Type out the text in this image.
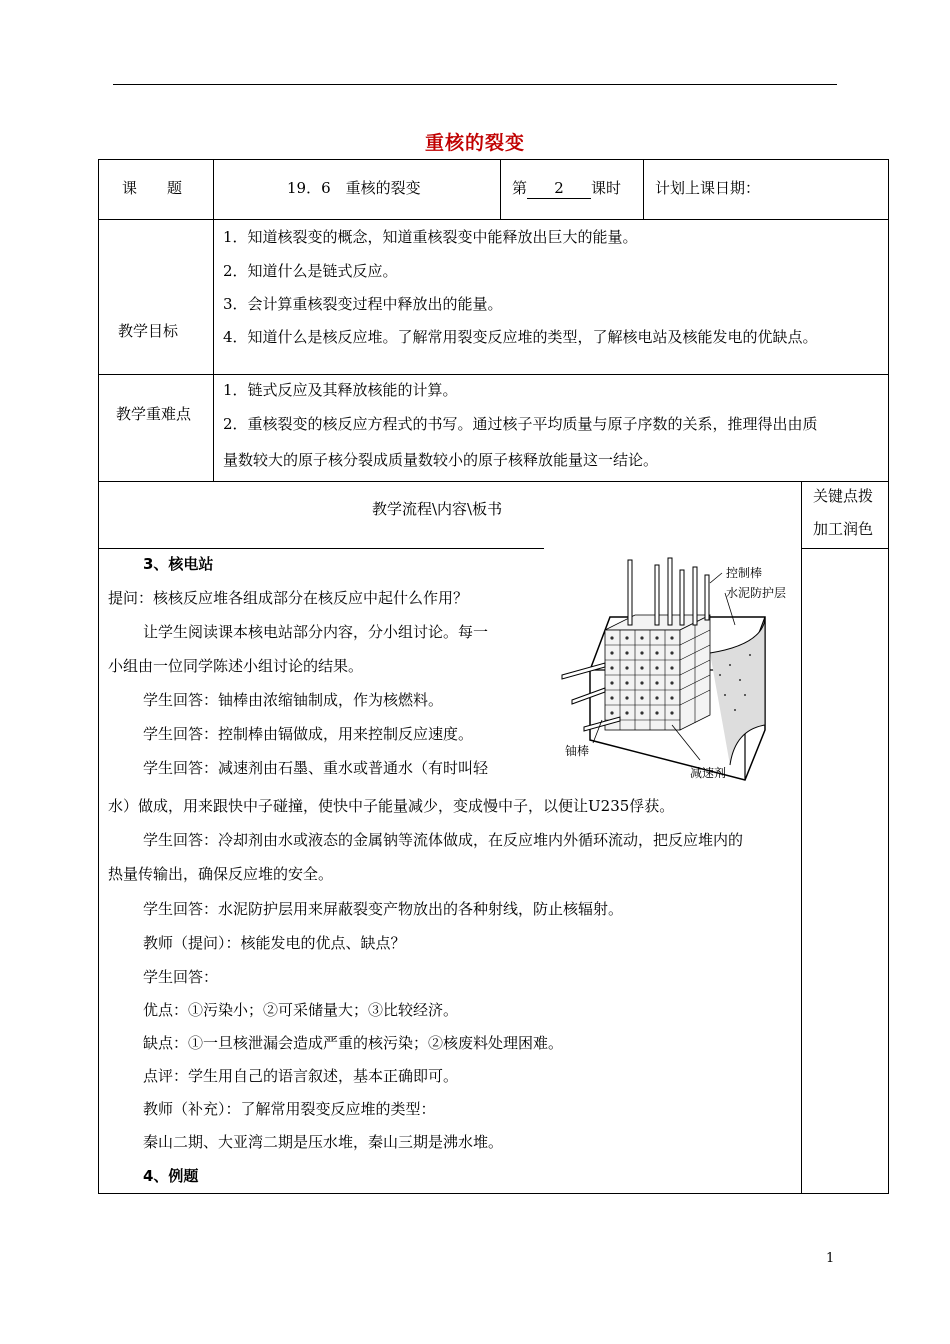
重核的裂变
课　　题	19．6　重核的裂变	第 2 课时 计划上课日期：
教学目标
1．知道核裂变的概念，知道重核裂变中能释放出巨大的能量。
2．知道什么是链式反应。
3．会计算重核裂变过程中释放出的能量。
4．知道什么是核反应堆。了解常用裂变反应堆的类型，了解核电站及核能发电的优缺点。
教学重难点
1．链式反应及其释放核能的计算。
2．重核裂变的核反应方程式的书写。通过核子平均质量与原子序数的关系，推理得出由质
量数较大的原子核分裂成质量数较小的原子核释放能量这一结论。
教学流程\内容\板书
关键点拨
加工润色
3、核电站
提问：核核反应堆各组成部分在核反应中起什么作用？
让学生阅读课本核电站部分内容，分小组讨论。每一
小组由一位同学陈述小组讨论的结果。
学生回答：铀棒由浓缩铀制成，作为核燃料。
学生回答：控制棒由镉做成，用来控制反应速度。
学生回答：减速剂由石墨、重水或普通水（有时叫轻
水）做成，用来跟快中子碰撞，使快中子能量减少，变成慢中子，以便让U235俘获。
学生回答：冷却剂由水或液态的金属钠等流体做成，在反应堆内外循环流动，把反应堆内的
热量传输出，确保反应堆的安全。
学生回答：水泥防护层用来屏蔽裂变产物放出的各种射线，防止核辐射。
教师（提问）：核能发电的优点、缺点？
学生回答：
优点：①污染小；②可采储量大；③比较经济。
缺点：①一旦核泄漏会造成严重的核污染；②核废料处理困难。
点评：学生用自己的语言叙述，基本正确即可。
教师（补充）：了解常用裂变反应堆的类型：
秦山二期、大亚湾二期是压水堆，秦山三期是沸水堆。
4、例题
控制棒
水泥防护层
铀棒
减速剂
1
